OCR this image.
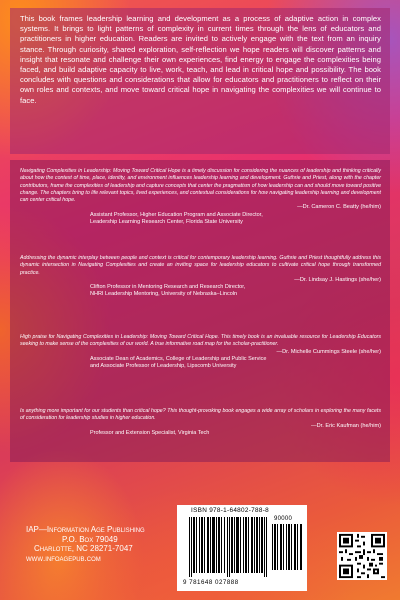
This book frames leadership learning and development as a process of adaptive action in complex systems. It brings to light patterns of complexity in current times through the lens of educators and practitioners in higher education. Readers are invited to actively engage with the text from an inquiry stance. Through curiosity, shared exploration, self-reflection we hope readers will discover patterns and insight that resonate and challenge their own experiences, find energy to engage the complexities being faced, and build adaptive capacity to live, work, teach, and lead in critical hope and possibility. The book concludes with questions and considerations that allow for educators and practitioners to reflect on their own roles and contexts, and move toward critical hope in navigating the complexities we will continue to face.

Navigating Complexities in Leadership: Moving Toward Critical Hope is a timely discussion for considering the nuances of leadership and thinking critically about how the context of time, place, identity, and environment influences leadership learning and development. Guthrie and Priest, along with the chapter contributors, frame the complexities of leadership and capture concepts that center the pragmatism of how leadership can and should move toward positive change. The chapters bring to life relevant topics, lived experiences, and contextual considerations for how navigating leadership learning and development can center critical hope.

—Dr. Cameron C. Beatty (he/him)

Assistant Professor, Higher Education Program and Associate Director,

Leadership Learning Research Center, Florida State University

Addressing the dynamic interplay between people and context is critical for contemporary leadership learning. Guthrie and Priest thoughtfully address this dynamic intersection in Navigating Complexities and create an inviting space for leadership educators to cultivate critical hope through transformed practice.

—Dr. Lindsay J. Hastings (she/her)

Clifton Professor in Mentoring Research and Research Director,

NHRI Leadership Mentoring, University of Nebraska–Lincoln

High praise for Navigating Complexities in Leadership: Moving Toward Critical Hope. This timely book is an invaluable resource for Leadership Educators seeking to make sense of the complexities of our world. A true informative road map for the scholar-practitioner.

—Dr. Michelle Cummings Steele (she/her)

Associate Dean of Academics, College of Leadership and Public Service

and Associate Professor of Leadership, Lipscomb University

Is anything more important for our students than critical hope? This thought-provoking book engages a wide array of scholars in exploring the many facets of consideration for leadership studies in higher education.

—Dr. Eric Kaufman (he/him)

Professor and Extension Specialist, Virginia Tech

IAP—Information Age Publishing
P.O. Box 79049
Charlotte, NC 28271-7047
www.infoagepub.com

ISBN 978-1-64802-788-8

90000

9 781648 027888
